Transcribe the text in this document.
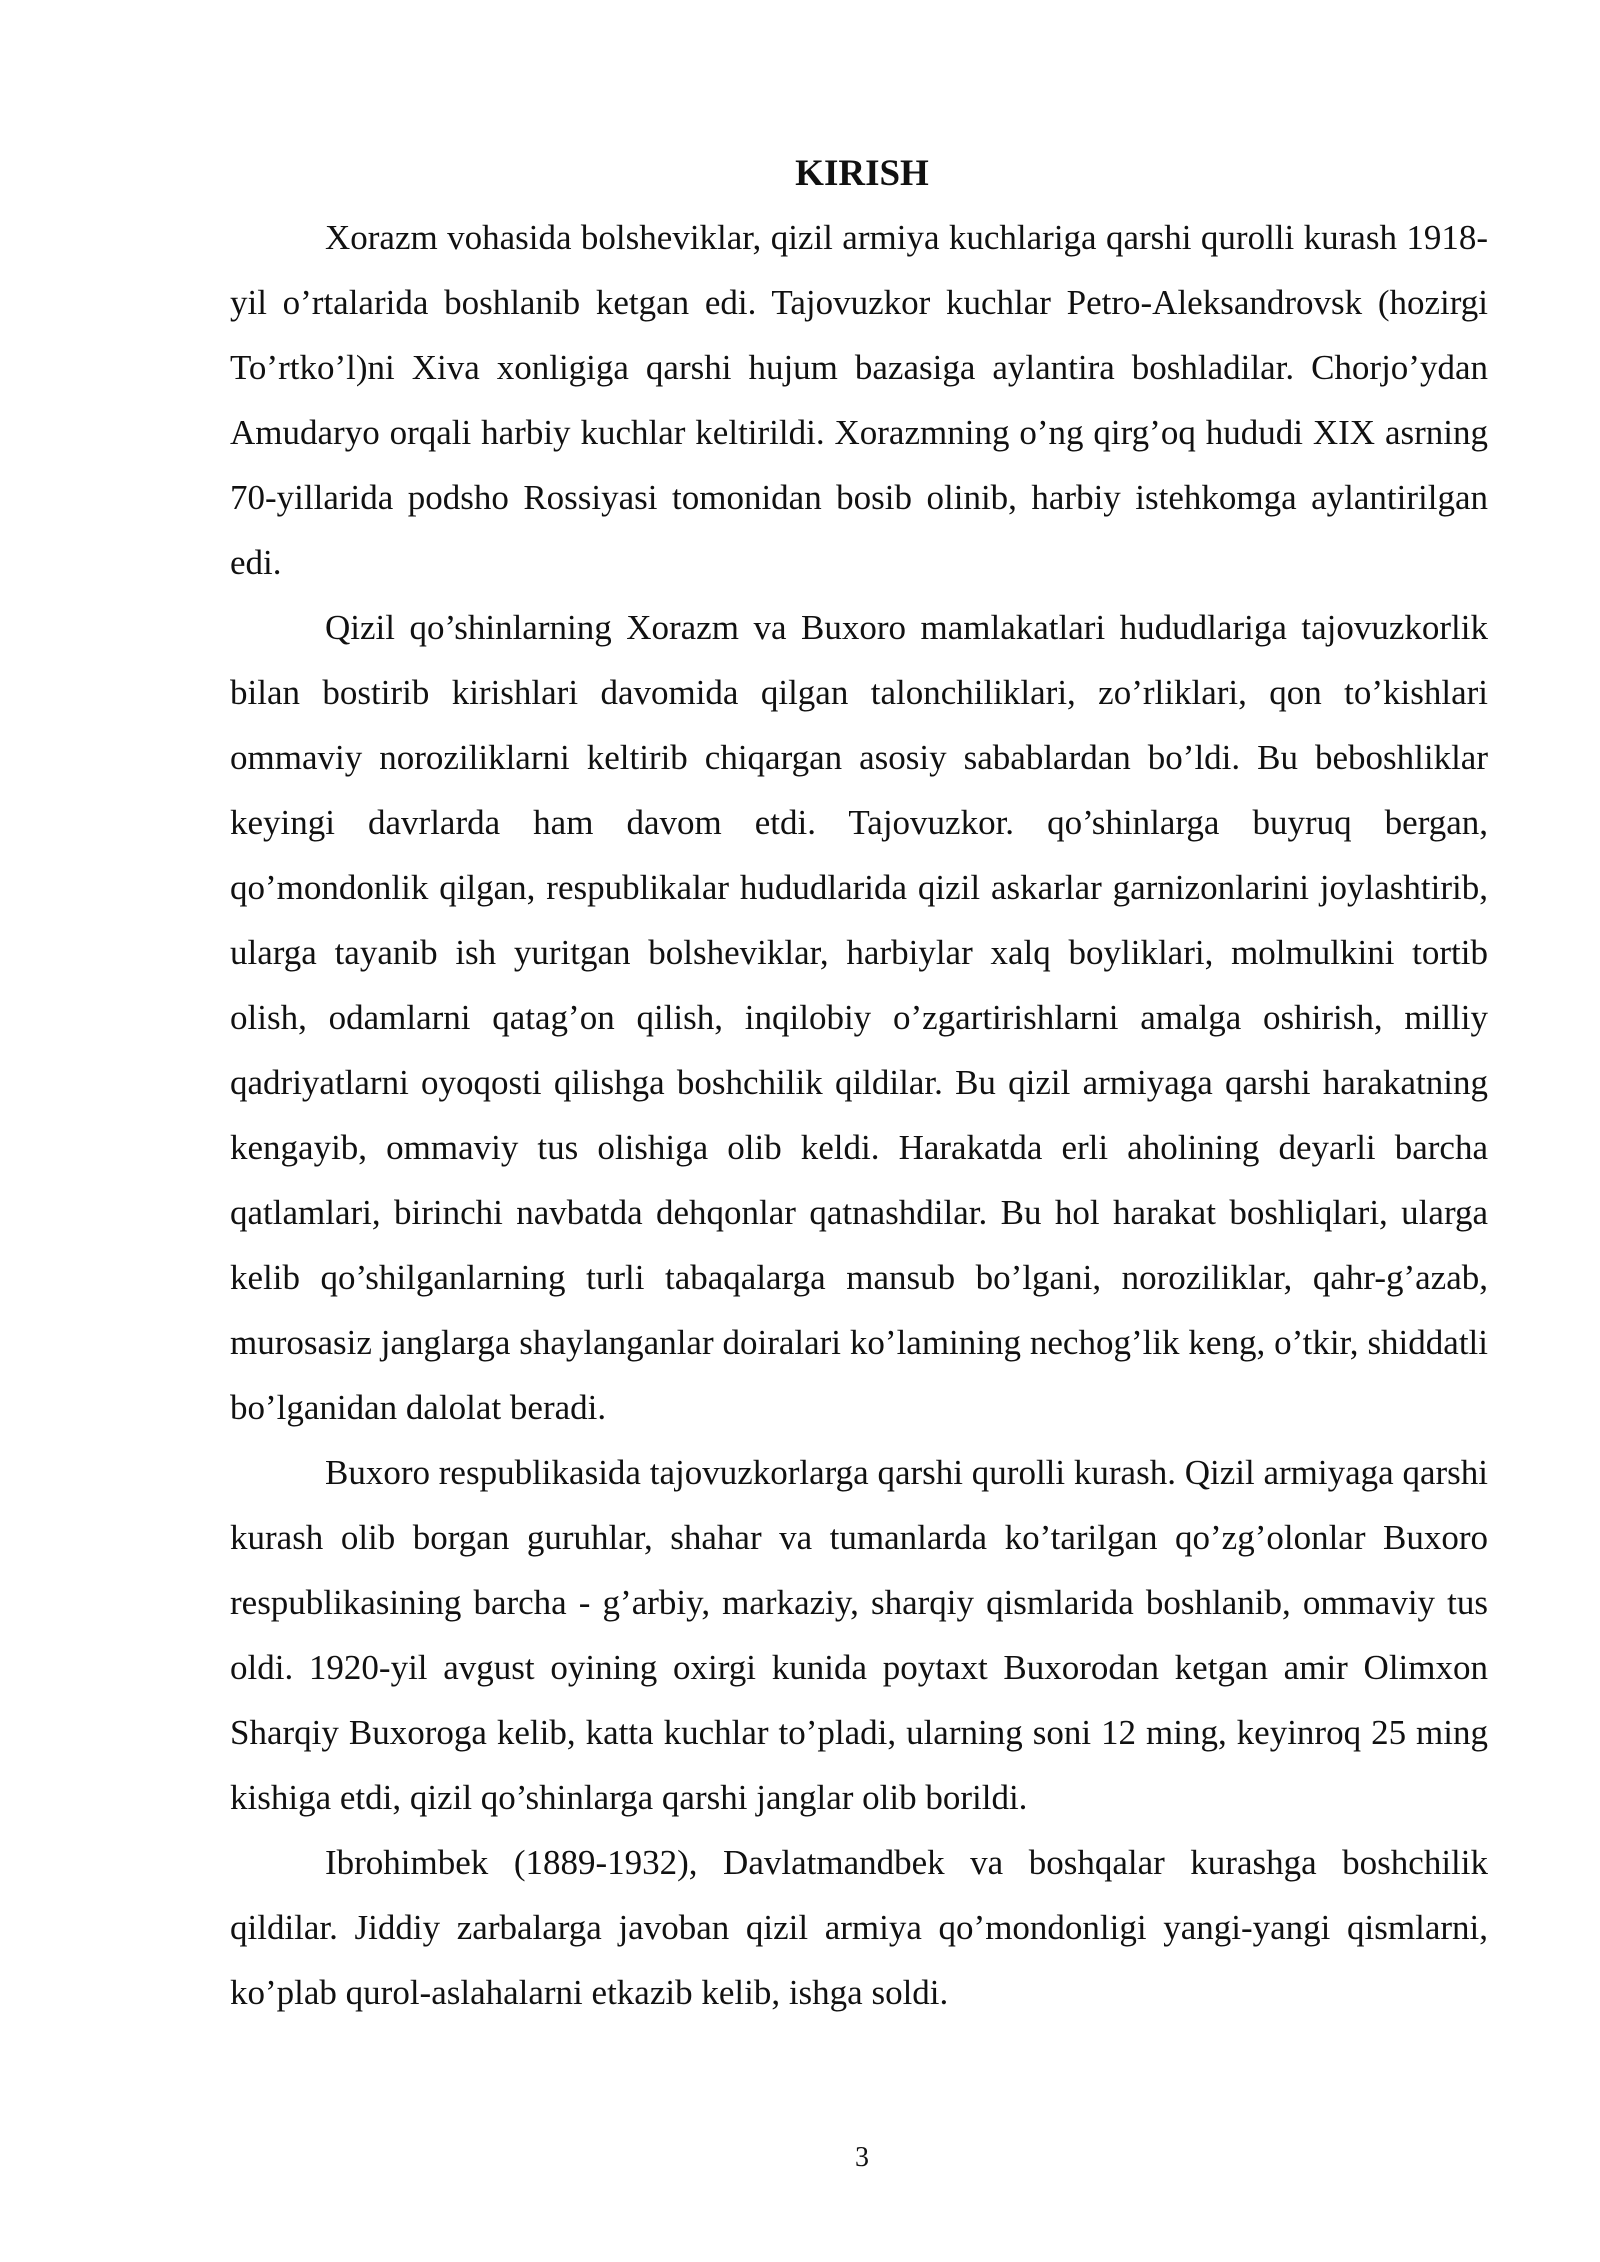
KIRISH

Xorazm vohasida bolsheviklar, qizil armiya kuchlariga qarshi qurolli kurash 1918-yil o’rtalarida boshlanib ketgan edi. Tajovuzkor kuchlar Petro-Aleksandrovsk (hozirgi To’rtko’l)ni Xiva xonligiga qarshi hujum bazasiga aylantira boshladilar. Chorjo’ydan Amudaryo orqali harbiy kuchlar keltirildi. Xorazmning o’ng qirg’oq hududi XIX asrning 70-yillarida podsho Rossiyasi tomonidan bosib olinib, harbiy istehkomga aylantirilgan edi.

Qizil qo’shinlarning Xorazm va Buxoro mamlakatlari hududlariga tajovuzkorlik bilan bostirib kirishlari davomida qilgan talonchiliklari, zo’rliklari, qon to’kishlari ommaviy noroziliklarni keltirib chiqargan asosiy sabablardan bo’ldi. Bu beboshliklar keyingi davrlarda ham davom etdi. Tajovuzkor. qo’shinlarga buyruq bergan, qo’mondonlik qilgan, respublikalar hududlarida qizil askarlar garnizonlarini joylashtirib, ularga tayanib ish yuritgan bolsheviklar, harbiylar xalq boyliklari, molmulkini tortib olish, odamlarni qatag’on qilish, inqilobiy o’zgartirishlarni amalga oshirish, milliy qadriyatlarni oyoqosti qilishga boshchilik qildilar. Bu qizil armiyaga qarshi harakatning kengayib, ommaviy tus olishiga olib keldi. Harakatda erli aholining deyarli barcha qatlamlari, birinchi navbatda dehqonlar qatnashdilar. Bu hol harakat boshliqlari, ularga kelib qo’shilganlarning turli tabaqalarga mansub bo’lgani, noroziliklar, qahr-g’azab, murosasiz janglarga shaylanganlar doiralari ko’lamining nechog’lik keng, o’tkir, shiddatli bo’lganidan dalolat beradi.

Buxoro respublikasida tajovuzkorlarga qarshi qurolli kurash. Qizil armiyaga qarshi kurash olib borgan guruhlar, shahar va tumanlarda ko’tarilgan qo’zg’olonlar Buxoro respublikasining barcha - g’arbiy, markaziy, sharqiy qismlarida boshlanib, ommaviy tus oldi. 1920-yil avgust oyining oxirgi kunida poytaxt Buxorodan ketgan amir Olimxon Sharqiy Buxoroga kelib, katta kuchlar to’pladi, ularning soni 12 ming, keyinroq 25 ming kishiga etdi, qizil qo’shinlarga qarshi janglar olib borildi.

Ibrohimbek (1889-1932), Davlatmandbek va boshqalar kurashga boshchilik qildilar. Jiddiy zarbalarga javoban qizil armiya qo’mondonligi yangi-yangi qismlarni, ko’plab qurol-aslahalarni etkazib kelib, ishga soldi.

3
